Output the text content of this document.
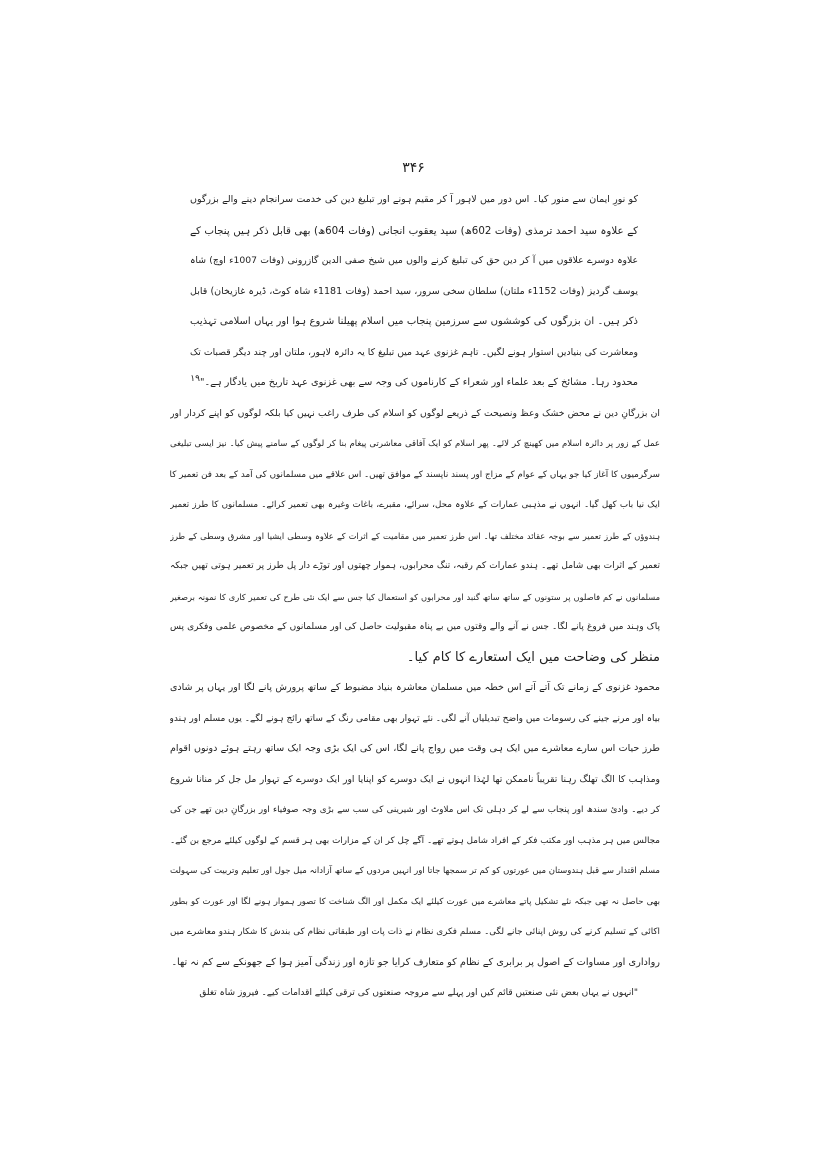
۳۴۶
کو نورِ ایمان سے منور کیا۔ اس دور میں لاہور آ کر مقیم ہونے اور تبلیغ دین کی خدمت سرانجام دینے والے بزرگوں
کے علاوہ سید احمد ترمذی (وفات 602ھ) سید یعقوب انجانی (وفات 604ھ) بھی قابل ذکر ہیں پنجاب کے
علاوہ دوسرے علاقوں میں آ کر دین حق کی تبلیغ کرنے والوں میں شیخ صفی الدین گازرونی (وفات 1007ء اوچ) شاہ
یوسف گردیز (وفات 1152ء ملتان) سلطان سخی سرور، سید احمد (وفات 1181ء شاہ کوٹ، ڈیرہ غازیخان) قابل
ذکر ہیں۔ ان بزرگوں کی کوششوں سے سرزمین پنجاب میں اسلام پھیلنا شروع ہوا اور یہاں اسلامی تہذیب
ومعاشرت کی بنیادیں استوار ہونے لگیں۔ تاہم غزنوی عہد میں تبلیغ کا یہ دائرہ لاہور، ملتان اور چند دیگر قصبات تک
محدود رہا۔ مشائخ کے بعد علماء اور شعراء کے کارناموں کی وجہ سے بھی غزنوی عہد تاریخ میں یادگار ہے۔"۱۹
ان بزرگانِ دین نے محض خشک وعظ ونصیحت کے ذریعے لوگوں کو اسلام کی طرف راغب نہیں کیا بلکہ لوگوں کو اپنے کردار اور
عمل کے زور پر دائرہ اسلام میں کھینچ کر لائے۔ پھر اسلام کو ایک آفاقی معاشرتی پیغام بنا کر لوگوں کے سامنے پیش کیا۔ نیز ایسی تبلیغی
سرگرمیوں کا آغاز کیا جو یہاں کے عوام کے مزاج اور پسند ناپسند کے موافق تھیں۔ اس علاقے میں مسلمانوں کی آمد کے بعد فن تعمیر کا
ایک نیا باب کھل گیا۔ انہوں نے مذہبی عمارات کے علاوہ محل، سرائے، مقبرے، باغات وغیرہ بھی تعمیر کرائے۔ مسلمانوں کا طرز تعمیر
ہندوؤں کے طرز تعمیر سے بوجہ عقائد مختلف تھا۔ اس طرز تعمیر میں مقامیت کے اثرات کے علاوہ وسطی ایشیا اور مشرق وسطی کے طرز
تعمیر کے اثرات بھی شامل تھے۔ ہندو عمارات کم رقبہ، تنگ محرابوں، ہموار چھتوں اور توڑے دار پل طرز پر تعمیر ہوتی تھیں جبکہ
مسلمانوں نے کم فاصلوں پر ستونوں کے ساتھ ساتھ گنبد اور محرابوں کو استعمال کیا جس سے ایک نئی طرح کی تعمیر کاری کا نمونہ برصغیر
پاک وہند میں فروغ پانے لگا۔ جس نے آنے والے وقتوں میں بے پناہ مقبولیت حاصل کی اور مسلمانوں کے مخصوص علمی وفکری پس
منظر کی وضاحت میں ایک استعارے کا کام کیا۔
محمود غزنوی کے زمانے تک آتے آتے اس خطہ میں مسلمان معاشرہ بنیاد مضبوط کے ساتھ پرورش پانے لگا اور یہاں پر شادی
بیاہ اور مرنے جینے کی رسومات میں واضح تبدیلیاں آنے لگی۔ نئے تہوار بھی مقامی رنگ کے ساتھ رائج ہونے لگے۔ یوں مسلم اور ہندو
طرز حیات اس سارے معاشرے میں ایک ہی وقت میں رواج پانے لگا، اس کی ایک بڑی وجہ ایک ساتھ رہتے ہوئے دونوں اقوام
ومذاہب کا الگ تھلگ رہنا تقریباً ناممکن تھا لہٰذا انہوں نے ایک دوسرے کو اپنایا اور ایک دوسرے کے تہوار مل جل کر منانا شروع
کر دیے۔ وادیٔ سندھ اور پنجاب سے لے کر دہلی تک اس ملاوٹ اور شیرینی کی سب سے بڑی وجہ صوفیاء اور بزرگانِ دین تھے جن کی
مجالس میں ہر مذہب اور مکتب فکر کے افراد شامل ہوتے تھے۔ آگے چل کر ان کے مزارات بھی ہر قسم کے لوگوں کیلئے مرجع بن گئے۔
مسلم اقتدار سے قبل ہندوستان میں عورتوں کو کم تر سمجھا جاتا اور انہیں مردوں کے ساتھ آزادانہ میل جول اور تعلیم وتربیت کی سہولت
بھی حاصل نہ تھی جبکہ نئے تشکیل پاتے معاشرے میں عورت کیلئے ایک مکمل اور الگ شناخت کا تصور ہموار ہونے لگا اور عورت کو بطور
اکائی کے تسلیم کرنے کی روش اپنائی جانے لگی۔ مسلم فکری نظام نے ذات پات اور طبقاتی نظام کی بندش کا شکار ہندو معاشرے میں
رواداری اور مساوات کے اصول پر برابری کے نظام کو متعارف کرایا جو تازہ اور زندگی آمیز ہوا کے جھونکے سے کم نہ تھا۔
"انہوں نے یہاں بعض نئی صنعتیں قائم کیں اور پہلے سے مروجہ صنعتوں کی ترقی کیلئے اقدامات کیے۔ فیروز شاہ تغلق
